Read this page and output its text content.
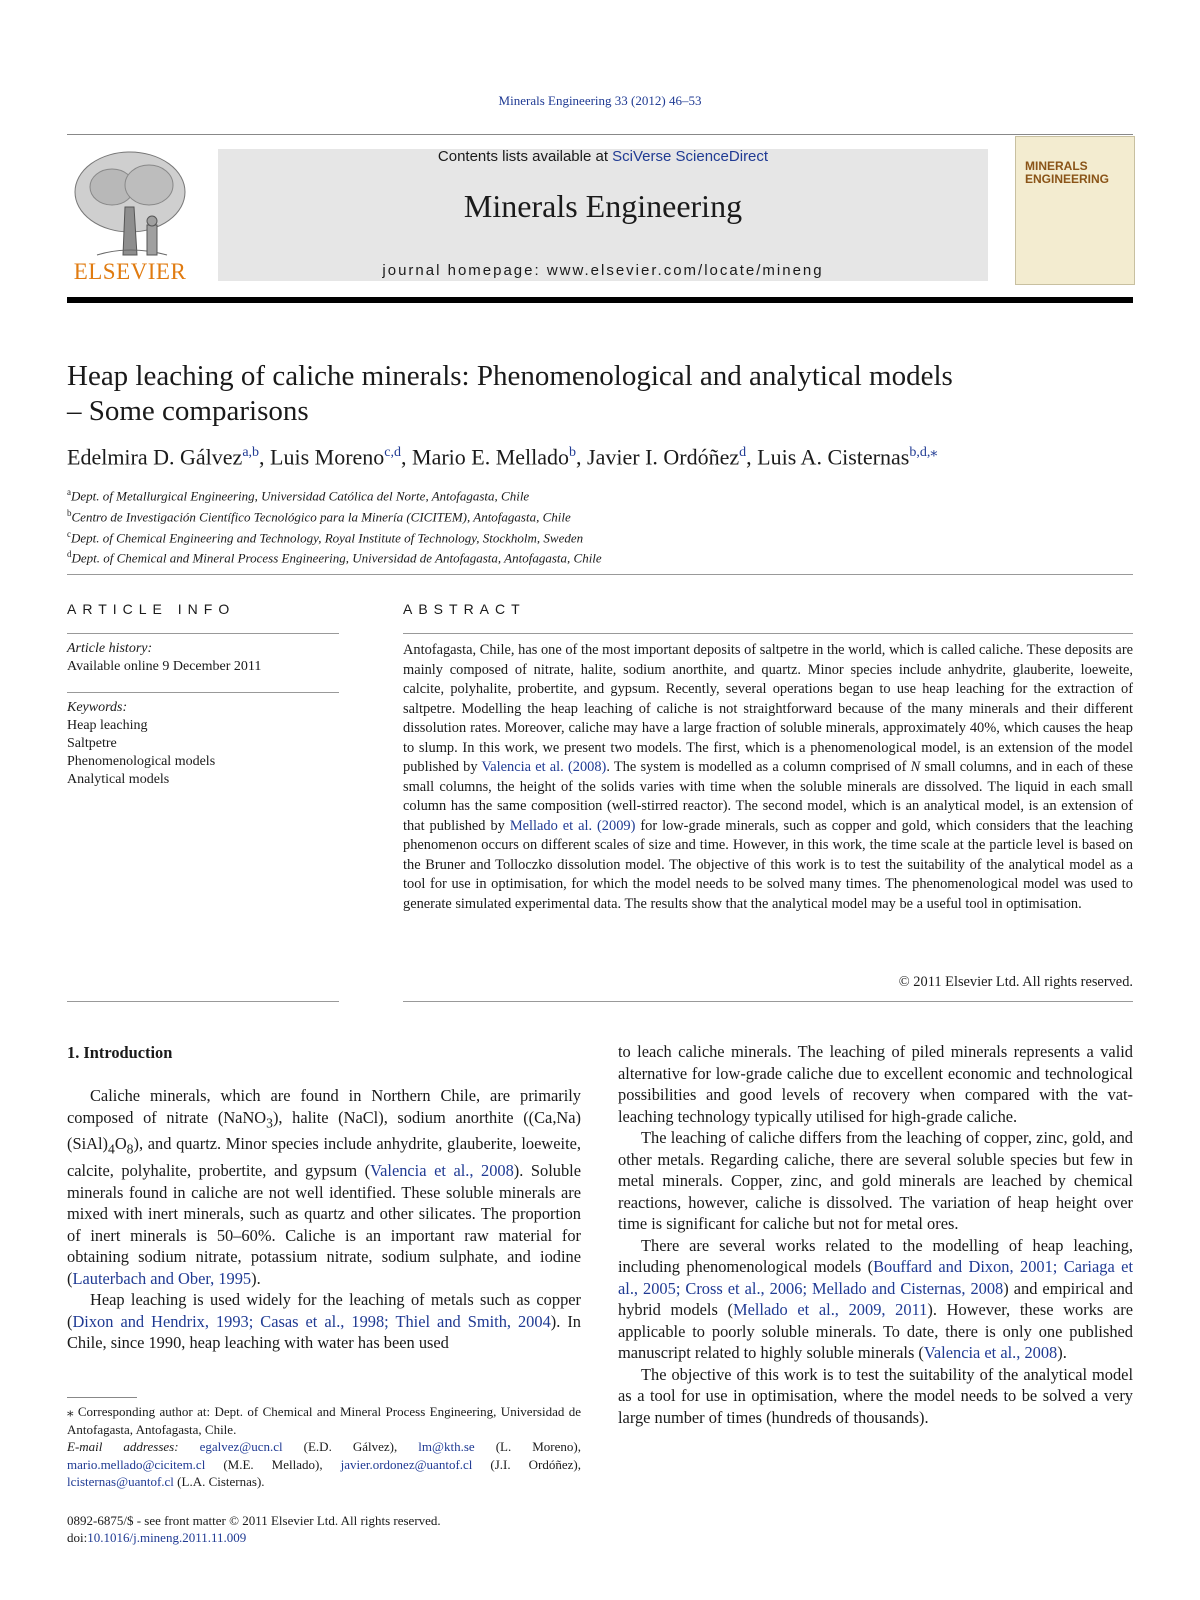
Minerals Engineering 33 (2012) 46–53
ELSEVIER
Contents lists available at SciVerse ScienceDirect
Minerals Engineering
journal homepage: www.elsevier.com/locate/mineng
MINERALS ENGINEERING
Heap leaching of caliche minerals: Phenomenological and analytical models
– Some comparisons
Edelmira D. Gálvez$^{a,b}$, Luis Moreno$^{c,d}$, Mario E. Mellado$^b$, Javier I. Ordóñez$^d$, Luis A. Cisternas$^{b,d,⁎}$
$^a$Dept. of Metallurgical Engineering, Universidad Católica del Norte, Antofagasta, Chile
$^b$Centro de Investigación Científico Tecnológico para la Minería (CICITEM), Antofagasta, Chile
$^c$Dept. of Chemical Engineering and Technology, Royal Institute of Technology, Stockholm, Sweden
$^d$Dept. of Chemical and Mineral Process Engineering, Universidad de Antofagasta, Antofagasta, Chile
ARTICLE INFO
Article history:
Available online 9 December 2011
Keywords:
Heap leaching
Saltpetre
Phenomenological models
Analytical models
ABSTRACT
Antofagasta, Chile, has one of the most important deposits of saltpetre in the world, which is called caliche. These deposits are mainly composed of nitrate, halite, sodium anorthite, and quartz. Minor species include anhydrite, glauberite, loeweite, calcite, polyhalite, probertite, and gypsum. Recently, several operations began to use heap leaching for the extraction of saltpetre. Modelling the heap leaching of caliche is not straightforward because of the many minerals and their different dissolution rates. Moreover, caliche may have a large fraction of soluble minerals, approximately 40%, which causes the heap to slump. In this work, we present two models. The first, which is a phenomenological model, is an extension of the model published by Valencia et al. (2008). The system is modelled as a column comprised of N small columns, and in each of these small columns, the height of the solids varies with time when the soluble minerals are dissolved. The liquid in each small column has the same composition (well-stirred reactor). The second model, which is an analytical model, is an extension of that published by Mellado et al. (2009) for low-grade minerals, such as copper and gold, which considers that the leaching phenomenon occurs on different scales of size and time. However, in this work, the time scale at the particle level is based on the Bruner and Tolloczko dissolution model. The objective of this work is to test the suitability of the analytical model as a tool for use in optimisation, for which the model needs to be solved many times. The phenomenological model was used to generate simulated experimental data. The results show that the analytical model may be a useful tool in optimisation.
© 2011 Elsevier Ltd. All rights reserved.
1. Introduction

Caliche minerals, which are found in Northern Chile, are primarily composed of nitrate (NaNO$_3$), halite (NaCl), sodium anorthite $((Ca,Na)(SiAl)_4O_8)$, and quartz. Minor species include anhydrite, glauberite, loeweite, calcite, polyhalite, probertite, and gypsum (Valencia et al., 2008). Soluble minerals found in caliche are not well identified. These soluble minerals are mixed with inert minerals, such as quartz and other silicates. The proportion of inert minerals is 50–60%. Caliche is an important raw material for obtaining sodium nitrate, potassium nitrate, sodium sulphate, and iodine (Lauterbach and Ober, 1995).

Heap leaching is used widely for the leaching of metals such as copper (Dixon and Hendrix, 1993; Casas et al., 1998; Thiel and Smith, 2004). In Chile, since 1990, heap leaching with water has been used

to leach caliche minerals. The leaching of piled minerals represents a valid alternative for low-grade caliche due to excellent economic and technological possibilities and good levels of recovery when compared with the vat-leaching technology typically utilised for high-grade caliche.

The leaching of caliche differs from the leaching of copper, zinc, gold, and other metals. Regarding caliche, there are several soluble species but few in metal minerals. Copper, zinc, and gold minerals are leached by chemical reactions, however, caliche is dissolved. The variation of heap height over time is significant for caliche but not for metal ores.

There are several works related to the modelling of heap leaching, including phenomenological models (Bouffard and Dixon, 2001; Cariaga et al., 2005; Cross et al., 2006; Mellado and Cisternas, 2008) and empirical and hybrid models (Mellado et al., 2009, 2011). However, these works are applicable to poorly soluble minerals. To date, there is only one published manuscript related to highly soluble minerals (Valencia et al., 2008).

The objective of this work is to test the suitability of the analytical model as a tool for use in optimisation, where the model needs to be solved a very large number of times (hundreds of thousands).

⁎ Corresponding author at: Dept. of Chemical and Mineral Process Engineering, Universidad de Antofagasta, Antofagasta, Chile.

E-mail addresses: egalvez@ucn.cl (E.D. Gálvez), lm@kth.se (L. Moreno), mario.mellado@cicitem.cl (M.E. Mellado), javier.ordonez@uantof.cl (J.I. Ordóñez), lcisternas@uantof.cl (L.A. Cisternas).

0892-6875/$ - see front matter © 2011 Elsevier Ltd. All rights reserved.
doi:10.1016/j.mineng.2011.11.009
